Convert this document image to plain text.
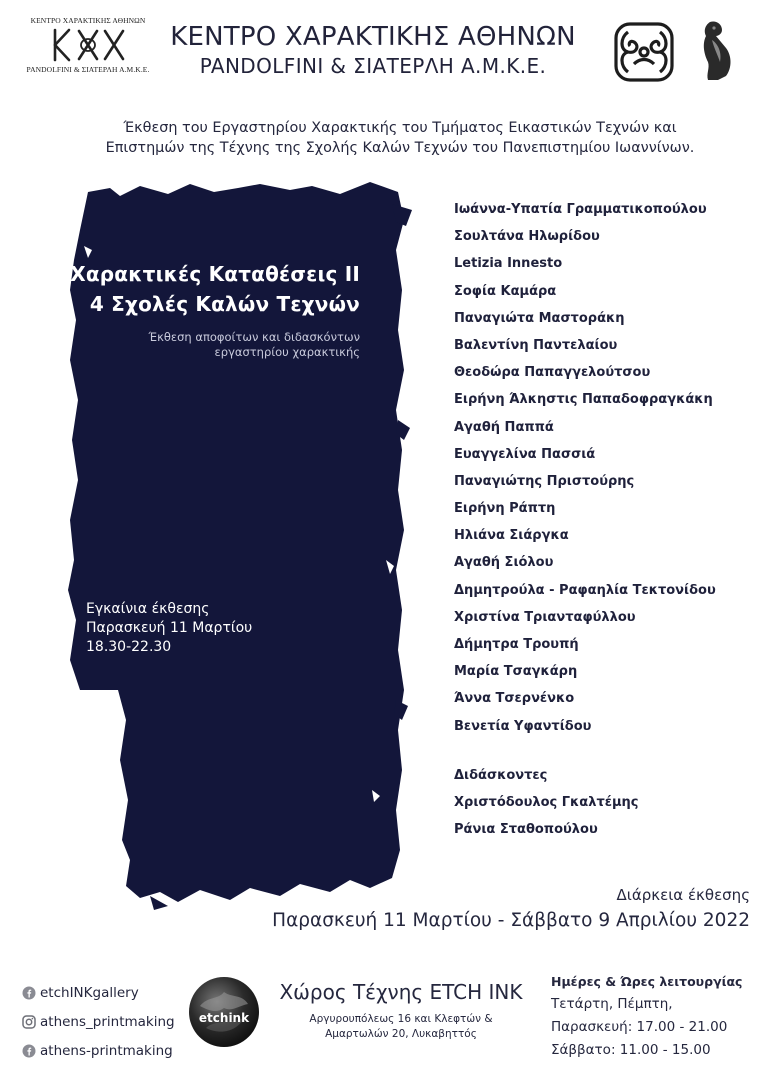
ΚΕΝΤΡΟ ΧΑΡΑΚΤΙΚΗΣ ΑΘΗΝΩΝ
PANDOLFINI & ΣΙΑΤΕΡΛΗ Α.Μ.Κ.Ε.
ΚΕΝΤΡΟ ΧΑΡΑΚΤΙΚΗΣ ΑΘΗΝΩΝ
PANDOLFINI & ΣΙΑΤΕΡΛΗ Α.Μ.Κ.Ε.
Έκθεση του Εργαστηρίου Χαρακτικής του Τμήματος Εικαστικών Τεχνών και
Επιστημών της Τέχνης της Σχολής Καλών Τεχνών του Πανεπιστημίου Ιωαννίνων.
Χαρακτικές Καταθέσεις ΙΙ
4 Σχολές Καλών Τεχνών
Έκθεση αποφοίτων και διδασκόντων
εργαστηρίου χαρακτικής
Εγκαίνια έκθεσης
Παρασκευή 11 Μαρτίου
18.30-22.30
Ιωάννα-Υπατία Γραμματικοπούλου
Σουλτάνα Ηλωρίδου
Letizia Innesto
Σοφία Καμάρα
Παναγιώτα Μαστοράκη
Βαλεντίνη Παντελαίου
Θεοδώρα Παπαγγελούτσου
Ειρήνη Άλκηστις Παπαδοφραγκάκη
Αγαθή Παππά
Ευαγγελίνα Πασσιά
Παναγιώτης Πριστούρης
Ειρήνη Ράπτη
Ηλιάνα Σιάργκα
Αγαθή Σιόλου
Δημητρούλα - Ραφαηλία Τεκτονίδου
Χριστίνα Τριανταφύλλου
Δήμητρα Τρουπή
Μαρία Τσαγκάρη
Άννα Τσερνένκο
Βενετία Υφαντίδου
Διδάσκοντες
Χριστόδουλος Γκαλτέμης
Ράνια Σταθοπούλου
Διάρκεια έκθεσης
Παρασκευή 11 Μαρτίου - Σάββατο 9 Απριλίου 2022
etchINKgallery
athens_printmaking
athens-printmaking
etchink
Χώρος Τέχνης ETCH INK
Αργυρουπόλεως 16 και Κλεφτών &
Αμαρτωλών 20, Λυκαβηττός
Ημέρες & Ώρες λειτουργίας
Τετάρτη, Πέμπτη,
Παρασκευή: 17.00 - 21.00
Σάββατο: 11.00 - 15.00
